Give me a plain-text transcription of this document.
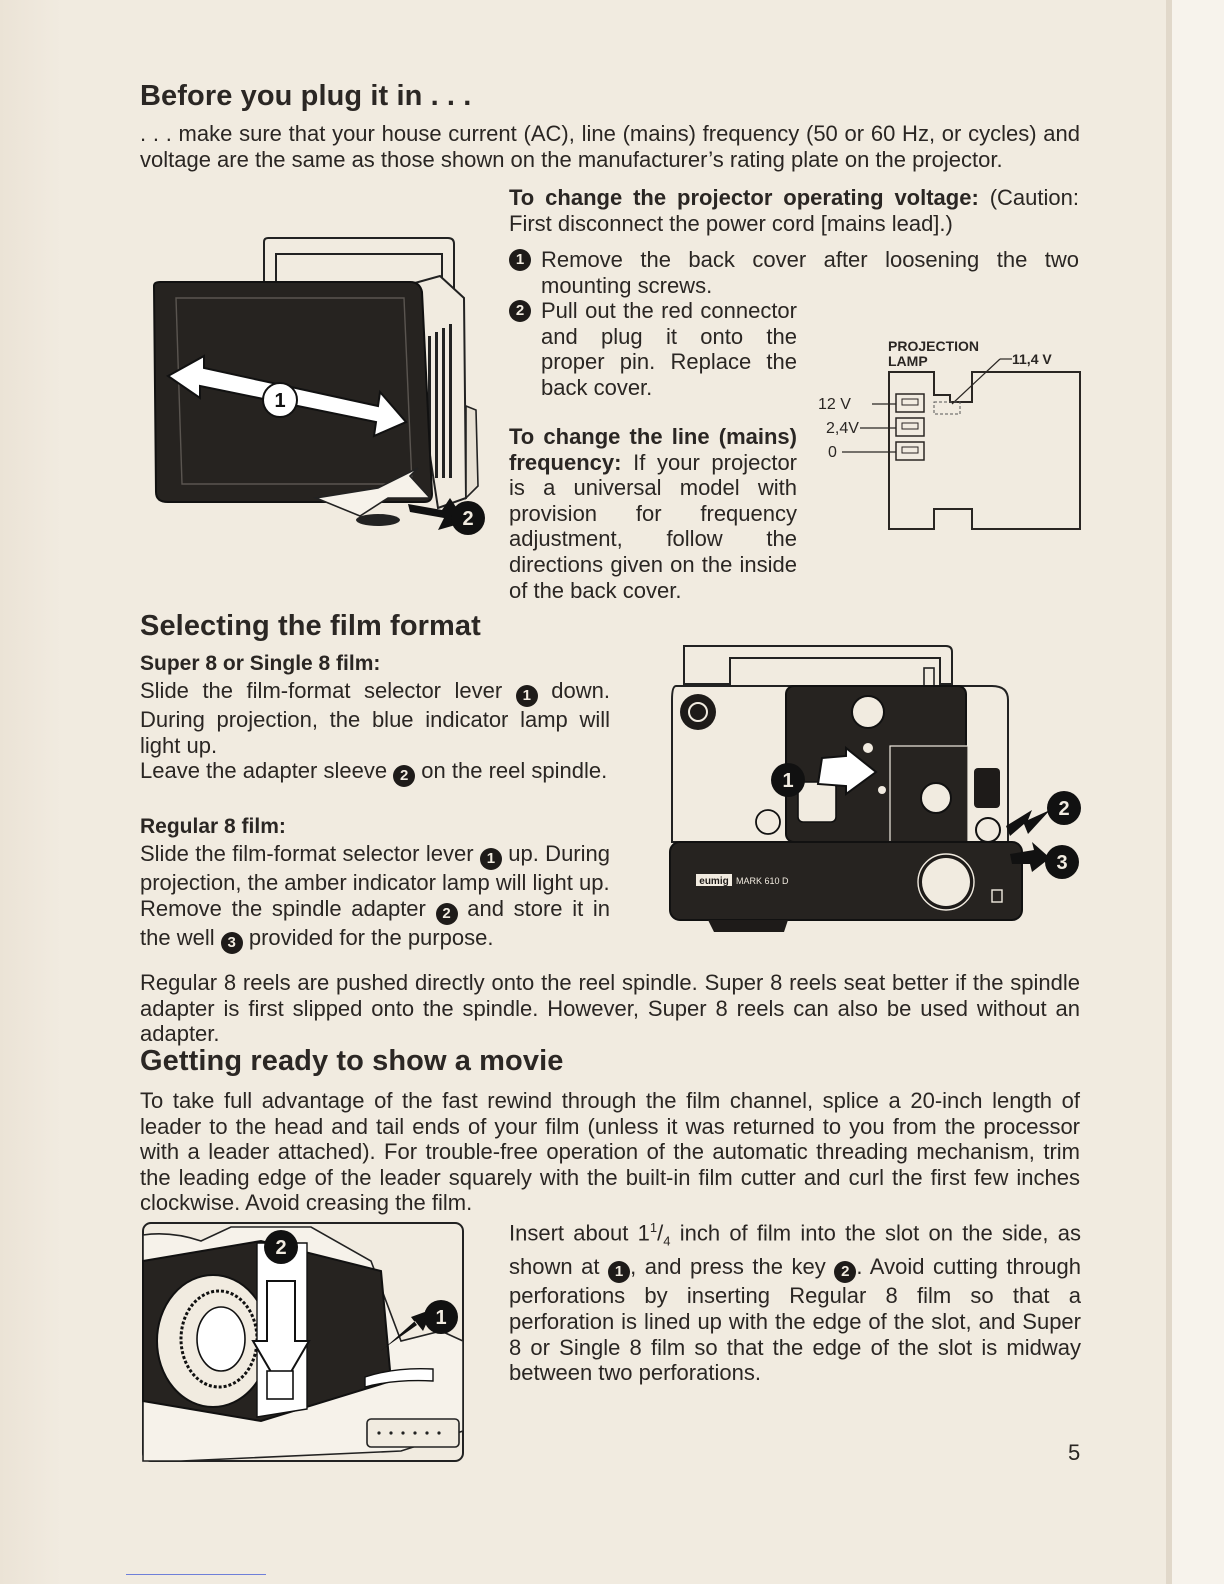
Before you plug it in . . .
. . . make sure that your house current (AC), line (mains) frequency (50 or 60 Hz, or cycles) and voltage are the same as those shown on the manufacturer’s rating plate on the projector.
To change the projector operating voltage: (Caution: First disconnect the power cord [mains lead].)
1 Remove the back cover after loosening the two mounting screws.
2 Pull out the red connector and plug it onto the proper pin. Replace the back cover.
To change the line (mains) frequency: If your projector is a universal model with provision for frequency adjustment, follow the directions given on the inside of the back cover.
PROJECTION
LAMP	11,4 V
12 V
2,4V
0
1
2
Selecting the film format

Super 8 or Single 8 film:

Slide the film-format selector lever 1 down. During projection, the blue indicator lamp will light up.
Leave the adapter sleeve 2 on the reel spindle.

Regular 8 film:

Slide the film-format selector lever 1 up. During projection, the amber indicator lamp will light up.
Remove the spindle adapter 2 and store it in the well 3 provided for the purpose.
1
eumig MARK 610 D
2
3
Regular 8 reels are pushed directly onto the reel spindle. Super 8 reels seat better if the spindle adapter is first slipped onto the spindle. However, Super 8 reels can also be used without an adapter.
Getting ready to show a movie
To take full advantage of the fast rewind through the film channel, splice a 20-inch length of leader to the head and tail ends of your film (unless it was returned to you from the processor with a leader attached). For trouble-free operation of the automatic threading mechanism, trim the leading edge of the leader squarely with the built-in film cutter and curl the first few inches clockwise. Avoid creasing the film.
Insert about $1^1/_4$ inch of film into the slot on the side, as shown at 1 , and press the key 2 . Avoid cutting through perforations by inserting Regular 8 film so that a perforation is lined up with the edge of the slot, and Super 8 or Single 8 film so that the edge of the slot is midway between two perforations.
2
1
5
